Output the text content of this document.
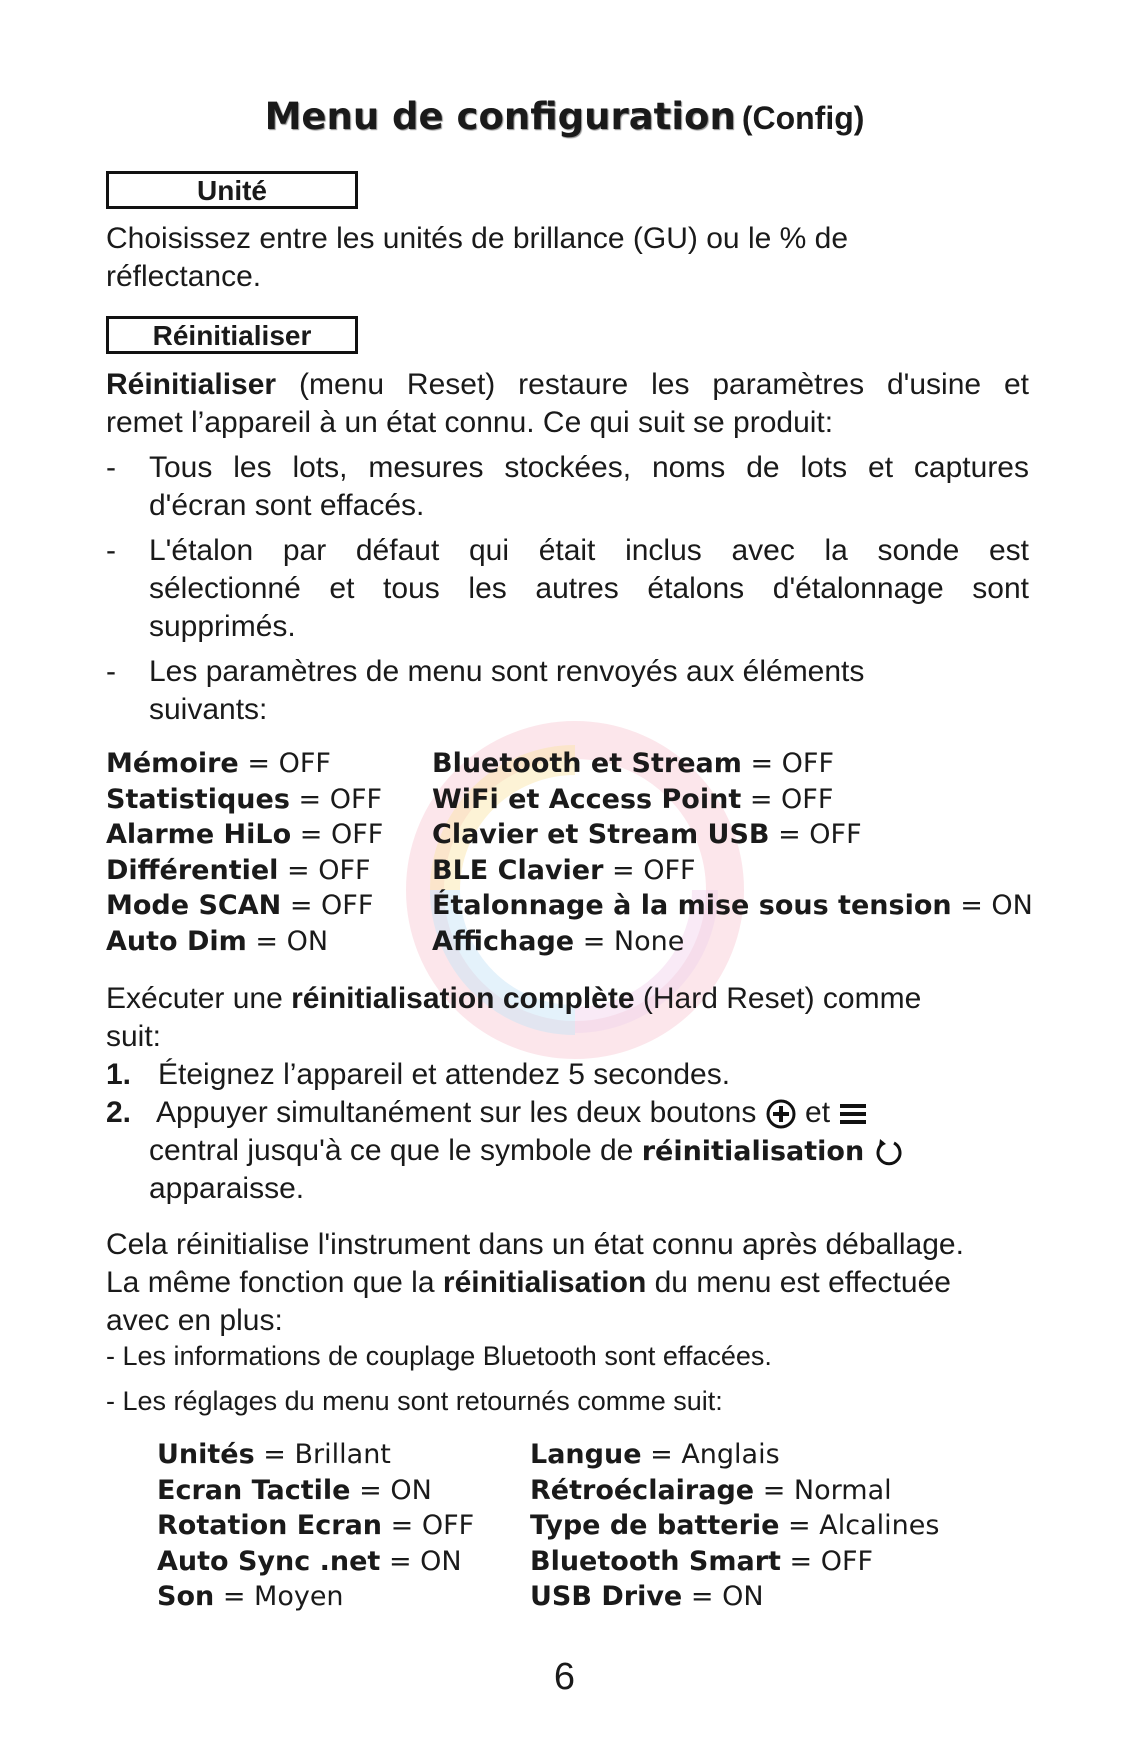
Menu de configuration (Config)
Unité
Choisissez entre les unités de brillance (GU) ou le % de
réflectance.
Réinitialiser
Réinitialiser (menu Reset) restaure les paramètres d'usine et
remet l’appareil à un état connu. Ce qui suit se produit:
- Tous les lots, mesures stockées, noms de lots et captures
d'écran sont effacés.
- L'étalon par défaut qui était inclus avec la sonde est
sélectionné et tous les autres étalons d'étalonnage sont
supprimés.
- Les paramètres de menu sont renvoyés aux éléments
suivants:
Mémoire = OFF
Statistiques = OFF
Alarme HiLo = OFF
Différentiel = OFF
Mode SCAN = OFF
Auto Dim = ON
Bluetooth et Stream = OFF
WiFi et Access Point = OFF
Clavier et Stream USB = OFF
BLE Clavier = OFF
Étalonnage à la mise sous tension = ON
Affichage = None
Exécuter une réinitialisation complète (Hard Reset) comme
suit:
1. Éteignez l’appareil et attendez 5 secondes.
2. Appuyer simultanément sur les deux boutons et
central jusqu'à ce que le symbole de réinitialisation
apparaisse.
Cela réinitialise l'instrument dans un état connu après déballage.
La même fonction que la réinitialisation du menu est effectuée
avec en plus:
- Les informations de couplage Bluetooth sont effacées.
- Les réglages du menu sont retournés comme suit:
Unités = Brillant
Ecran Tactile = ON
Rotation Ecran = OFF
Auto Sync .net = ON
Son = Moyen
Langue = Anglais
Rétroéclairage = Normal
Type de batterie = Alcalines
Bluetooth Smart = OFF
USB Drive = ON
6
